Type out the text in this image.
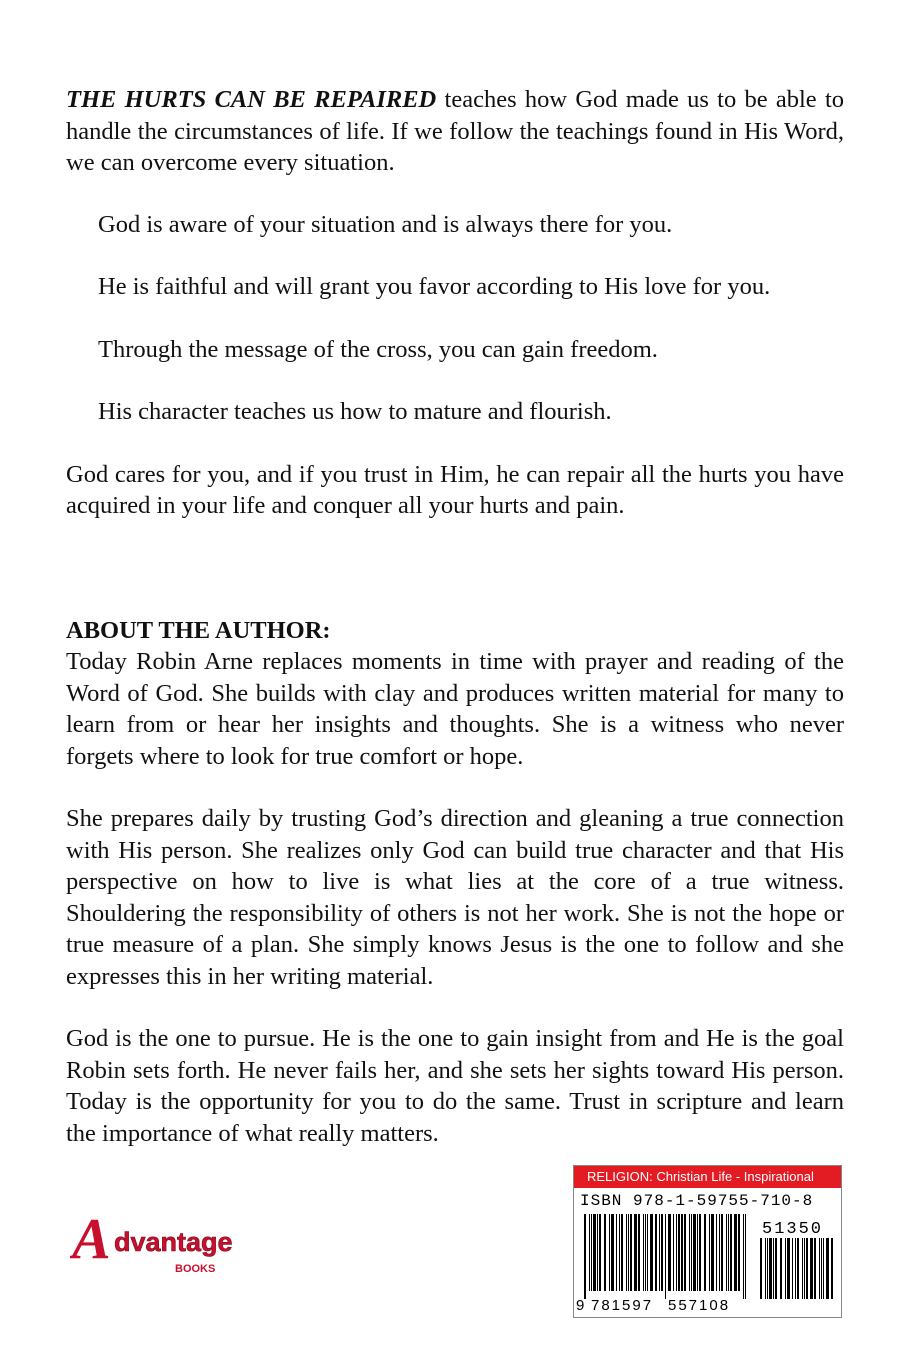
THE HURTS CAN BE REPAIRED teaches how God made us to be able to handle the circumstances of life. If we follow the teachings found in His Word, we can overcome every situation.

God is aware of your situation and is always there for you.

He is faithful and will grant you favor according to His love for you.

Through the message of the cross, you can gain freedom.

His character teaches us how to mature and flourish.

God cares for you, and if you trust in Him, he can repair all the hurts you have acquired in your life and conquer all your hurts and pain.

ABOUT THE AUTHOR:

Today Robin Arne replaces moments in time with prayer and reading of the Word of God. She builds with clay and produces written material for many to learn from or hear her insights and thoughts. She is a witness who never forgets where to look for true comfort or hope.

She prepares daily by trusting God’s direction and gleaning a true connection with His person. She realizes only God can build true character and that His perspective on how to live is what lies at the core of a true witness. Shouldering the responsibility of others is not her work. She is not the hope or true measure of a plan. She simply knows Jesus is the one to follow and she expresses this in her writing material.

God is the one to pursue. He is the one to gain insight from and He is the goal Robin sets forth. He never fails her, and she sets her sights toward His person. Today is the opportunity for you to do the same. Trust in scripture and learn the importance of what really matters.

A dvantage
BOOKS
RELIGION: Christian Life - Inspirational
ISBN 978-1-59755-710-8
51350
9 781597 557108
